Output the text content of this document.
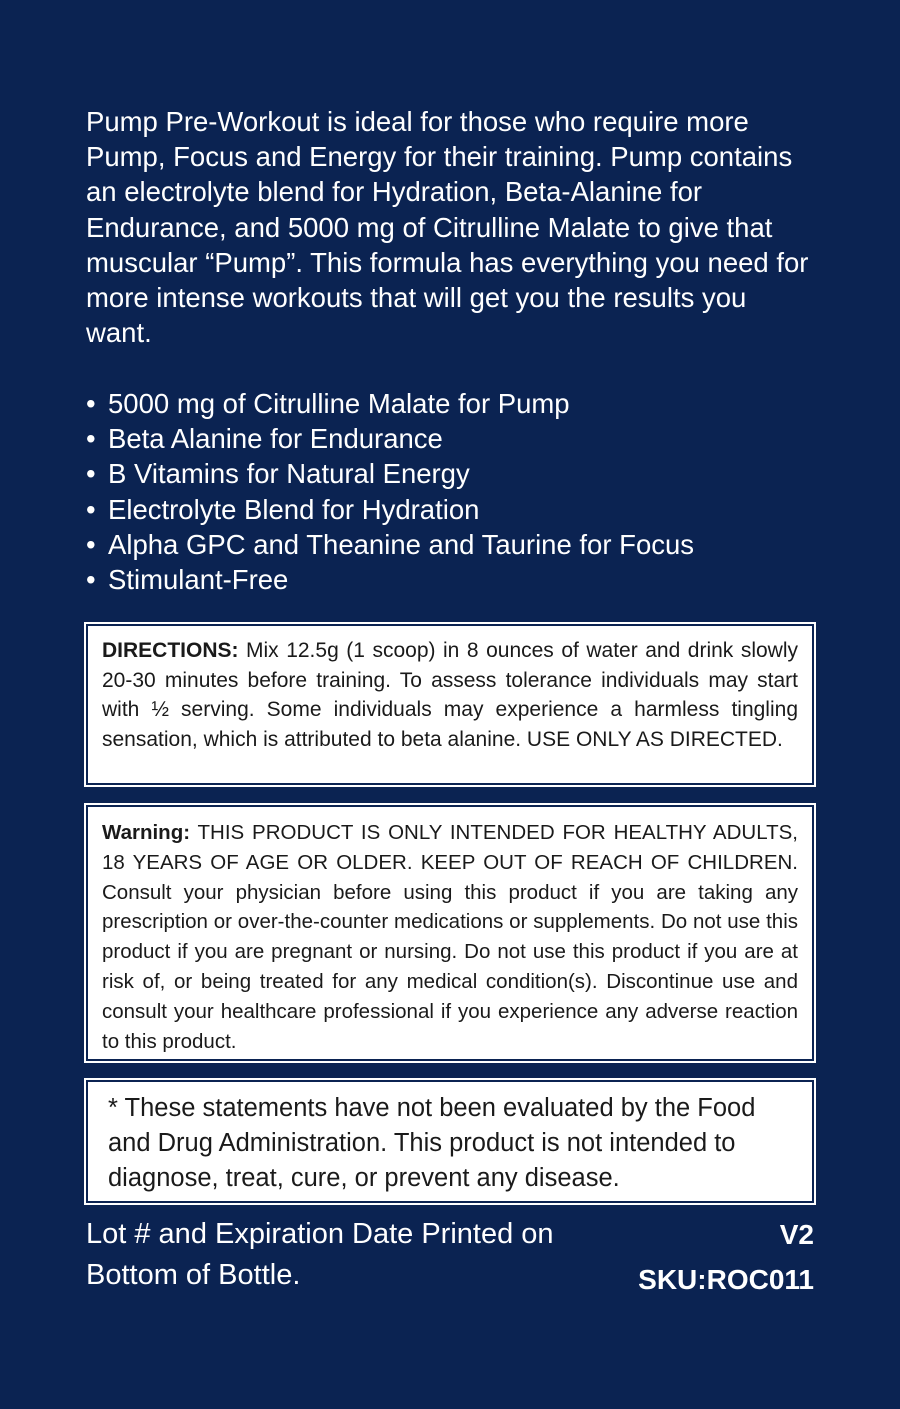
Pump Pre-Workout is ideal for those who require more Pump, Focus and Energy for their training. Pump contains an electrolyte blend for Hydration, Beta-Alanine for Endurance, and 5000 mg of Citrulline Malate to give that muscular “Pump”. This formula has everything you need for more intense workouts that will get you the results you want.

• 5000 mg of Citrulline Malate for Pump
• Beta Alanine for Endurance
• B Vitamins for Natural Energy
• Electrolyte Blend for Hydration
• Alpha GPC and Theanine and Taurine for Focus
• Stimulant-Free
DIRECTIONS: Mix 12.5g (1 scoop) in 8 ounces of water and drink slowly 20-30 minutes before training. To assess tolerance individuals may start with ½ serving. Some individuals may experience a harmless tingling sensation, which is attributed to beta alanine. USE ONLY AS DIRECTED.
Warning: THIS PRODUCT IS ONLY INTENDED FOR HEALTHY ADULTS, 18 YEARS OF AGE OR OLDER. KEEP OUT OF REACH OF CHILDREN. Consult your physician before using this product if you are taking any prescription or over-the-counter medications or supplements. Do not use this product if you are pregnant or nursing. Do not use this product if you are at risk of, or being treated for any medical condition(s). Discontinue use and consult your healthcare professional if you experience any adverse reaction to this product.
* These statements have not been evaluated by the Food and Drug Administration. This product is not intended to diagnose, treat, cure, or prevent any disease.
Lot # and Expiration Date Printed on
Bottom of Bottle.
V2
SKU:ROC011
